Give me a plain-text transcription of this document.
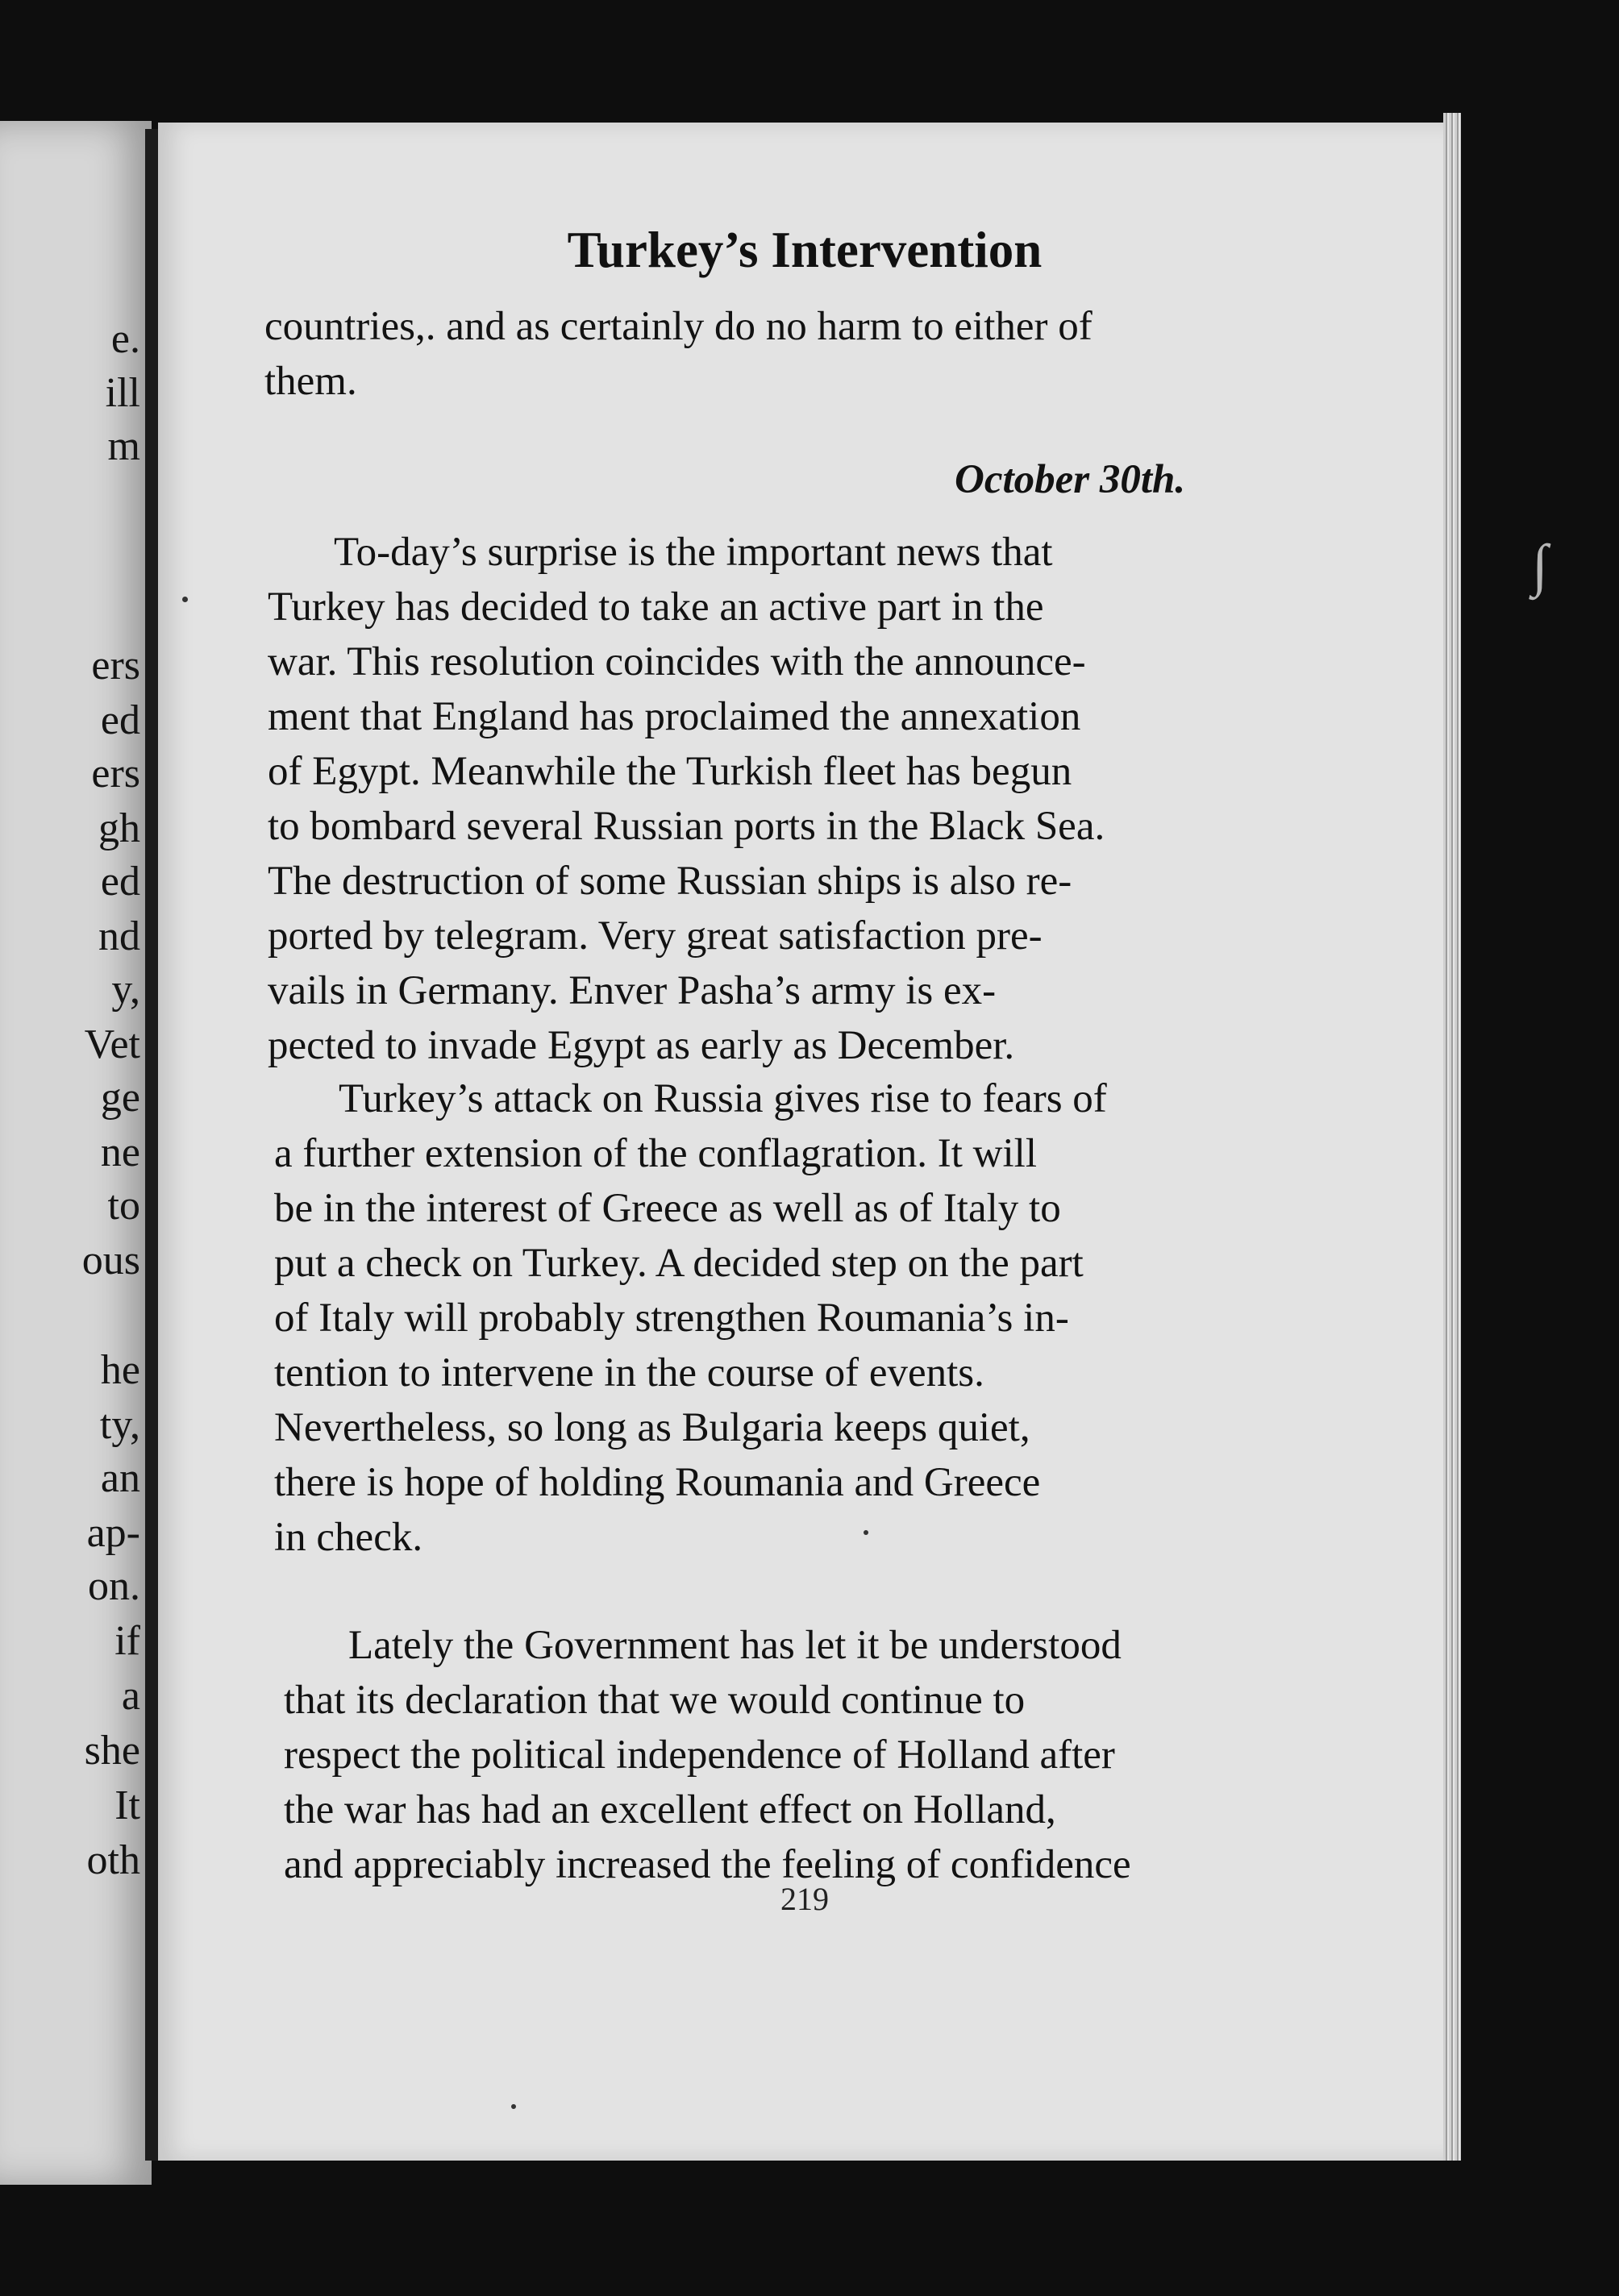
e.
ill
m
ers
ed
ers
gh
ed
nd
y,
Vet
ge
ne
to
ous
he
ty,
an
ap-
on.
if
a
she
It
oth
Turkey’s Intervention
countries,. and as certainly do no harm to either of
them.
October 30th.
To-day’s surprise is the important news that
Turkey has decided to take an active part in the
war. This resolution coincides with the announce-
ment that England has proclaimed the annexation
of Egypt. Meanwhile the Turkish fleet has begun
to bombard several Russian ports in the Black Sea.
The destruction of some Russian ships is also re-
ported by telegram. Very great satisfaction pre-
vails in Germany. Enver Pasha’s army is ex-
pected to invade Egypt as early as December.
Turkey’s attack on Russia gives rise to fears of
a further extension of the conflagration. It will
be in the interest of Greece as well as of Italy to
put a check on Turkey. A decided step on the part
of Italy will probably strengthen Roumania’s in-
tention to intervene in the course of events.
Nevertheless, so long as Bulgaria keeps quiet,
there is hope of holding Roumania and Greece
in check.
Lately the Government has let it be understood
that its declaration that we would continue to
respect the political independence of Holland after
the war has had an excellent effect on Holland,
and appreciably increased the feeling of confidence
219
∫
